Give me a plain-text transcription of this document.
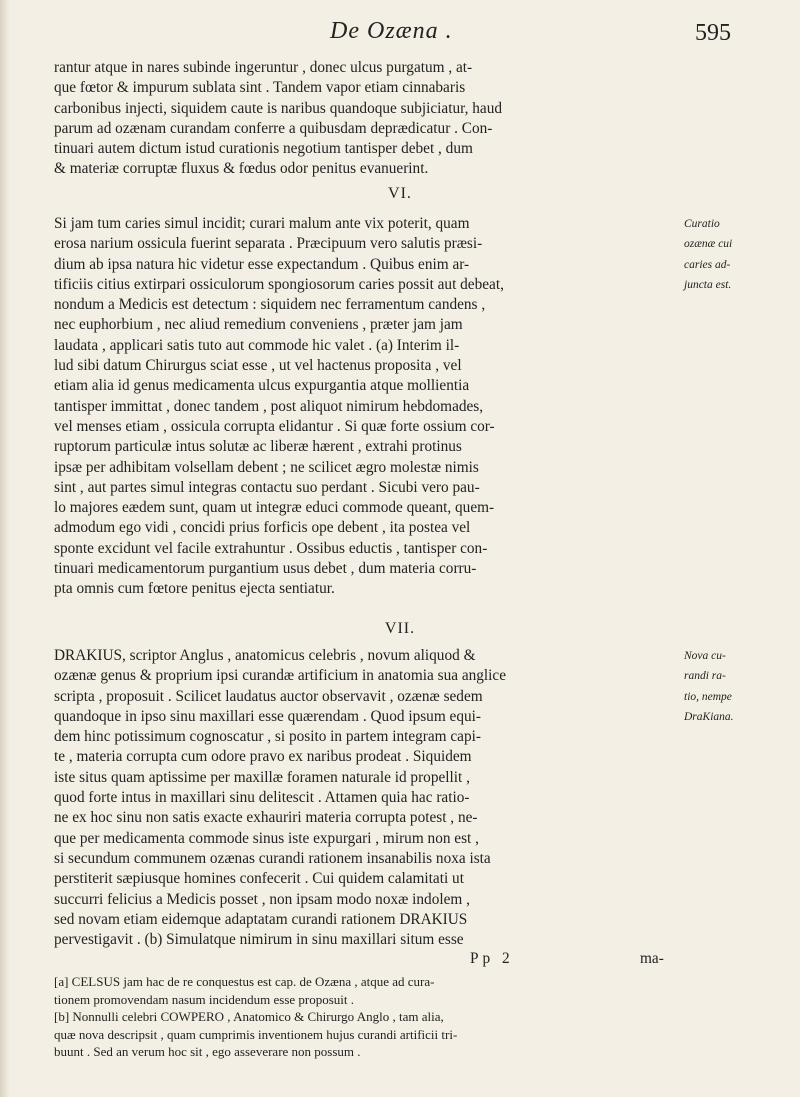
De Ozæna .	595
rantur atque in nares subinde ingeruntur , donec ulcus purgatum , at-
que fœtor & impurum sublata sint . Tandem vapor etiam cinnabaris
carbonibus injecti, siquidem caute is naribus quandoque subjiciatur, haud
parum ad ozænam curandam conferre a quibusdam deprædicatur . Con-
tinuari autem dictum istud curationis negotium tantisper debet , dum
& materiæ corruptæ fluxus & fœdus odor penitus evanuerint.
VI.
Si jam tum caries simul incidit; curari malum ante vix poterit, quam
erosa narium ossicula fuerint separata . Præcipuum vero salutis præsi-
dium ab ipsa natura hic videtur esse expectandum . Quibus enim ar-
tificiis citius extirpari ossiculorum spongiosorum caries possit aut debeat,
nondum a Medicis est detectum : siquidem nec ferramentum candens ,
nec euphorbium , nec aliud remedium conveniens , præter jam jam
laudata , applicari satis tuto aut commode hic valet . (a) Interim il-
lud sibi datum Chirurgus sciat esse , ut vel hactenus proposita , vel
etiam alia id genus medicamenta ulcus expurgantia atque mollientia
tantisper immittat , donec tandem , post aliquot nimirum hebdomades,
vel menses etiam , ossicula corrupta elidantur . Si quæ forte ossium cor-
ruptorum particulæ intus solutæ ac liberæ hærent , extrahi protinus
ipsæ per adhibitam volsellam debent ; ne scilicet ægro molestæ nimis
sint , aut partes simul integras contactu suo perdant . Sicubi vero pau-
lo majores eædem sunt, quam ut integræ educi commode queant, quem-
admodum ego vidi , concidi prius forficis ope debent , ita postea vel
sponte excidunt vel facile extrahuntur . Ossibus eductis , tantisper con-
tinuari medicamentorum purgantium usus debet , dum materia corru-
pta omnis cum fœtore penitus ejecta sentiatur.
Curatio
ozænæ cui
caries ad-
juncta est.
VII.
DRAKIUS, scriptor Anglus , anatomicus celebris , novum aliquod &
ozænæ genus & proprium ipsi curandæ artificium in anatomia sua anglice
scripta , proposuit . Scilicet laudatus auctor observavit , ozænæ sedem
quandoque in ipso sinu maxillari esse quærendam . Quod ipsum equi-
dem hinc potissimum cognoscatur , si posito in partem integram capi-
te , materia corrupta cum odore pravo ex naribus prodeat . Siquidem
iste situs quam aptissime per maxillæ foramen naturale id propellit ,
quod forte intus in maxillari sinu delitescit . Attamen quia hac ratio-
ne ex hoc sinu non satis exacte exhauriri materia corrupta potest , ne-
que per medicamenta commode sinus iste expurgari , mirum non est ,
si secundum communem ozænas curandi rationem insanabilis noxa ista
perstiterit sæpiusque homines confecerit . Cui quidem calamitati ut
succurri felicius a Medicis posset , non ipsam modo noxæ indolem ,
sed novam etiam eidemque adaptatam curandi rationem DRAKIUS
pervestigavit . (b) Simulatque nimirum in sinu maxillari situm esse
Nova cu-
randi ra-
tio, nempe
DraKiana.
Pp 2	ma-
[a] CELSUS jam hac de re conquestus est cap. de Ozæna , atque ad cura-
tionem promovendam nasum incidendum esse proposuit .
[b] Nonnulli celebri COWPERO , Anatomico & Chirurgo Anglo , tam alia,
quæ nova descripsit , quam cumprimis inventionem hujus curandi artificii tri-
buunt . Sed an verum hoc sit , ego asseverare non possum .
